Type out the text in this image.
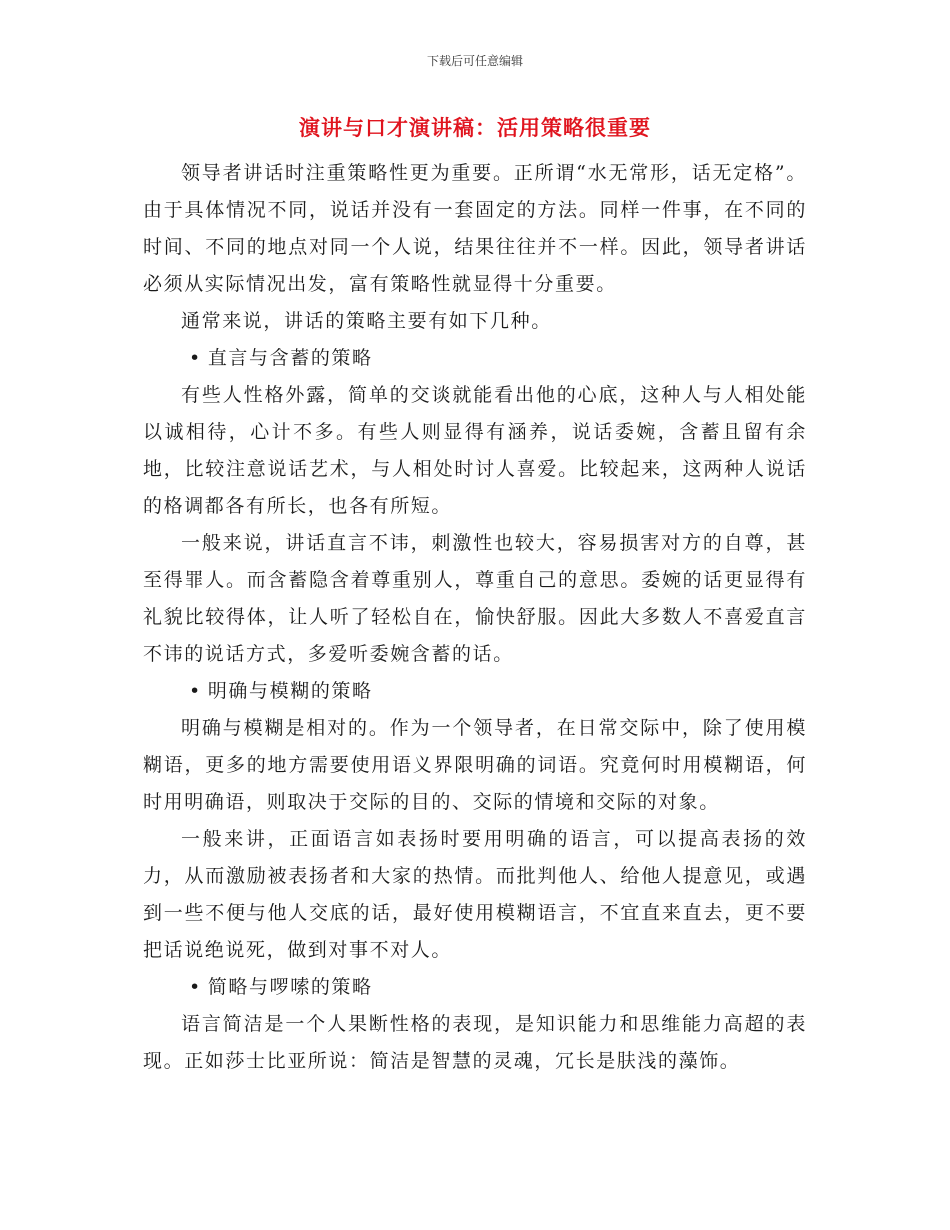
下载后可任意编辑
演讲与口才演讲稿：活用策略很重要

领导者讲话时注重策略性更为重要。正所谓“水无常形，话无定格”。由于具体情况不同，说话并没有一套固定的方法。同样一件事，在不同的时间、不同的地点对同一个人说，结果往往并不一样。因此，领导者讲话必须从实际情况出发，富有策略性就显得十分重要。

通常来说，讲话的策略主要有如下几种。

• 直言与含蓄的策略

有些人性格外露，简单的交谈就能看出他的心底，这种人与人相处能以诚相待，心计不多。有些人则显得有涵养，说话委婉，含蓄且留有余地，比较注意说话艺术，与人相处时讨人喜爱。比较起来，这两种人说话的格调都各有所长，也各有所短。

一般来说，讲话直言不讳，刺激性也较大，容易损害对方的自尊，甚至得罪人。而含蓄隐含着尊重别人，尊重自己的意思。委婉的话更显得有礼貌比较得体，让人听了轻松自在，愉快舒服。因此大多数人不喜爱直言不讳的说话方式，多爱听委婉含蓄的话。

• 明确与模糊的策略

明确与模糊是相对的。作为一个领导者，在日常交际中，除了使用模糊语，更多的地方需要使用语义界限明确的词语。究竟何时用模糊语，何时用明确语，则取决于交际的目的、交际的情境和交际的对象。

一般来讲，正面语言如表扬时要用明确的语言，可以提高表扬的效力，从而激励被表扬者和大家的热情。而批判他人、给他人提意见，或遇到一些不便与他人交底的话，最好使用模糊语言，不宜直来直去，更不要把话说绝说死，做到对事不对人。

• 简略与啰嗦的策略

语言简洁是一个人果断性格的表现，是知识能力和思维能力高超的表现。正如莎士比亚所说：简洁是智慧的灵魂，冗长是肤浅的藻饰。
